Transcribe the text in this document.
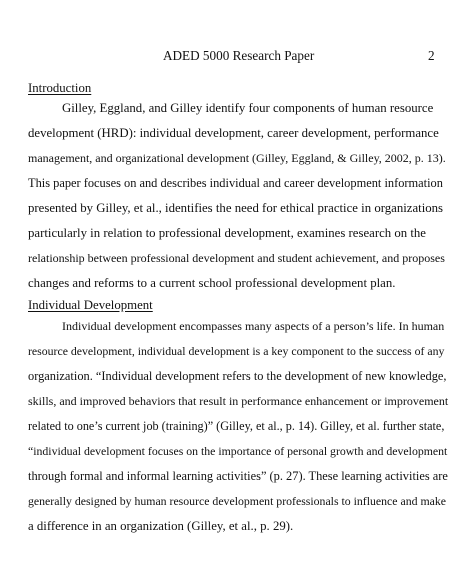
ADED 5000 Research Paper	2
Introduction
Gilley, Eggland, and Gilley identify four components of human resource
development (HRD): individual development, career development, performance
management, and organizational development (Gilley, Eggland, & Gilley, 2002, p. 13).
This paper focuses on and describes individual and career development information
presented by Gilley, et al., identifies the need for ethical practice in organizations
particularly in relation to professional development, examines research on the
relationship between professional development and student achievement, and proposes
changes and reforms to a current school professional development plan.
Individual Development
Individual development encompasses many aspects of a person’s life. In human
resource development, individual development is a key component to the success of any
organization. “Individual development refers to the development of new knowledge,
skills, and improved behaviors that result in performance enhancement or improvement
related to one’s current job (training)” (Gilley, et al., p. 14). Gilley, et al. further state,
“individual development focuses on the importance of personal growth and development
through formal and informal learning activities” (p. 27). These learning activities are
generally designed by human resource development professionals to influence and make
a difference in an organization (Gilley, et al., p. 29).
